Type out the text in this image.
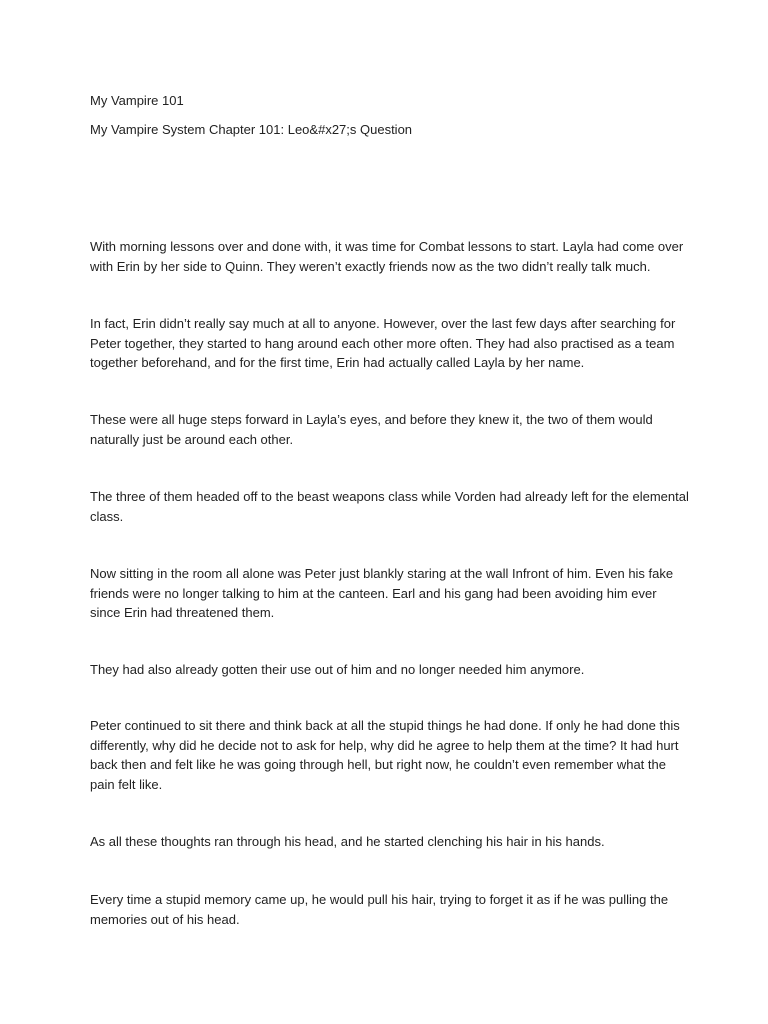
My Vampire 101
My Vampire System Chapter 101: Leo&#x27;s Question

With morning lessons over and done with, it was time for Combat lessons to start. Layla had come over with Erin by her side to Quinn. They weren’t exactly friends now as the two didn’t really talk much.

In fact, Erin didn’t really say much at all to anyone. However, over the last few days after searching for Peter together, they started to hang around each other more often. They had also practised as a team together beforehand, and for the first time, Erin had actually called Layla by her name.

These were all huge steps forward in Layla’s eyes, and before they knew it, the two of them would naturally just be around each other.

The three of them headed off to the beast weapons class while Vorden had already left for the elemental class.

Now sitting in the room all alone was Peter just blankly staring at the wall Infront of him. Even his fake friends were no longer talking to him at the canteen. Earl and his gang had been avoiding him ever since Erin had threatened them.

They had also already gotten their use out of him and no longer needed him anymore.

Peter continued to sit there and think back at all the stupid things he had done. If only he had done this differently, why did he decide not to ask for help, why did he agree to help them at the time? It had hurt back then and felt like he was going through hell, but right now, he couldn’t even remember what the pain felt like.

As all these thoughts ran through his head, and he started clenching his hair in his hands.

Every time a stupid memory came up, he would pull his hair, trying to forget it as if he was pulling the memories out of his head.
